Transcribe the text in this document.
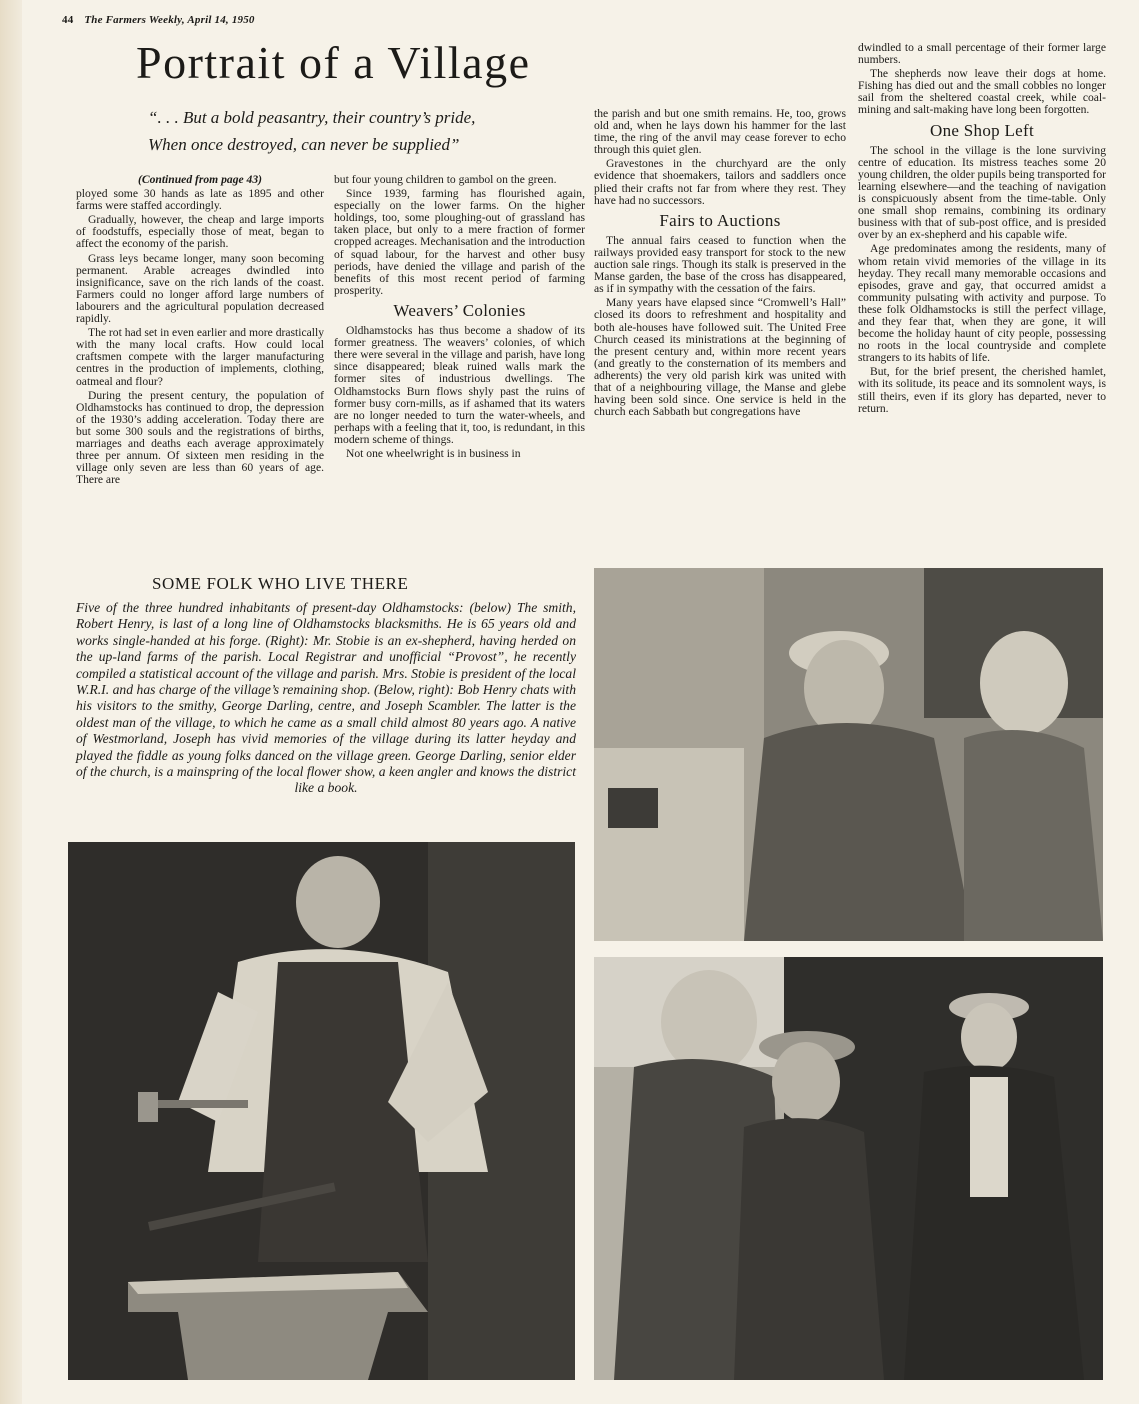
44 The Farmers Weekly, April 14, 1950
Portrait of a Village
“. . . But a bold peasantry, their country’s pride,
When once destroyed, can never be supplied”

(Continued from page 43)

ployed some 30 hands as late as 1895 and other farms were staffed accordingly.

Gradually, however, the cheap and large imports of foodstuffs, especially those of meat, began to affect the economy of the parish.

Grass leys became longer, many soon becoming permanent. Arable acreages dwindled into insignificance, save on the rich lands of the coast. Farmers could no longer afford large numbers of labourers and the agricultural population decreased rapidly.

The rot had set in even earlier and more drastically with the many local crafts. How could local craftsmen compete with the larger manufacturing centres in the production of implements, clothing, oatmeal and flour?

During the present century, the population of Oldhamstocks has continued to drop, the depression of the 1930’s adding acceleration. Today there are but some 300 souls and the registrations of births, marriages and deaths each average approximately three per annum. Of sixteen men residing in the village only seven are less than 60 years of age. There are

but four young children to gambol on the green.

Since 1939, farming has flourished again, especially on the lower farms. On the higher holdings, too, some ploughing-out of grassland has taken place, but only to a mere fraction of former cropped acreages. Mechanisation and the introduction of squad labour, for the harvest and other busy periods, have denied the village and parish of the benefits of this most recent period of farming prosperity.

Weavers’ Colonies

Oldhamstocks has thus become a shadow of its former greatness. The weavers’ colonies, of which there were several in the village and parish, have long since disappeared; bleak ruined walls mark the former sites of industrious dwellings. The Oldhamstocks Burn flows shyly past the ruins of former busy corn-mills, as if ashamed that its waters are no longer needed to turn the water-wheels, and perhaps with a feeling that it, too, is redundant, in this modern scheme of things.

Not one wheelwright is in business in

the parish and but one smith remains. He, too, grows old and, when he lays down his hammer for the last time, the ring of the anvil may cease forever to echo through this quiet glen.

Gravestones in the churchyard are the only evidence that shoemakers, tailors and saddlers once plied their crafts not far from where they rest. They have had no successors.

Fairs to Auctions

The annual fairs ceased to function when the railways provided easy transport for stock to the new auction sale rings. Though its stalk is preserved in the Manse garden, the base of the cross has disappeared, as if in sympathy with the cessation of the fairs.

Many years have elapsed since “Cromwell’s Hall” closed its doors to refreshment and hospitality and both ale-houses have followed suit. The United Free Church ceased its ministrations at the beginning of the present century and, within more recent years (and greatly to the consternation of its members and adherents) the very old parish kirk was united with that of a neighbouring village, the Manse and glebe having been sold since. One service is held in the church each Sabbath but congregations have

dwindled to a small percentage of their former large numbers.

The shepherds now leave their dogs at home. Fishing has died out and the small cobbles no longer sail from the sheltered coastal creek, while coal-mining and salt-making have long been forgotten.

One Shop Left

The school in the village is the lone surviving centre of education. Its mistress teaches some 20 young children, the older pupils being transported for learning elsewhere—and the teaching of navigation is conspicuously absent from the time-table. Only one small shop remains, combining its ordinary business with that of sub-post office, and is presided over by an ex-shepherd and his capable wife.

Age predominates among the residents, many of whom retain vivid memories of the village in its heyday. They recall many memorable occasions and episodes, grave and gay, that occurred amidst a community pulsating with activity and purpose. To these folk Oldhamstocks is still the perfect village, and they fear that, when they are gone, it will become the holiday haunt of city people, possessing no roots in the local countryside and complete strangers to its habits of life.

But, for the brief present, the cherished hamlet, with its solitude, its peace and its somnolent ways, is still theirs, even if its glory has departed, never to return.

SOME FOLK WHO LIVE THERE
Five of the three hundred inhabitants of present-day Oldhamstocks: (below) The smith, Robert Henry, is last of a long line of Oldhamstocks blacksmiths. He is 65 years old and works single-handed at his forge. (Right): Mr. Stobie is an ex-shepherd, having herded on the up-land farms of the parish. Local Registrar and unofficial “Provost”, he recently compiled a statistical account of the village and parish. Mrs. Stobie is president of the local W.R.I. and has charge of the village’s remaining shop. (Below, right): Bob Henry chats with his visitors to the smithy, George Darling, centre, and Joseph Scambler. The latter is the oldest man of the village, to which he came as a small child almost 80 years ago. A native of Westmorland, Joseph has vivid memories of the village during its latter heyday and played the fiddle as young folks danced on the village green. George Darling, senior elder of the church, is a mainspring of the local flower show, a keen angler and knows the district like a book.
